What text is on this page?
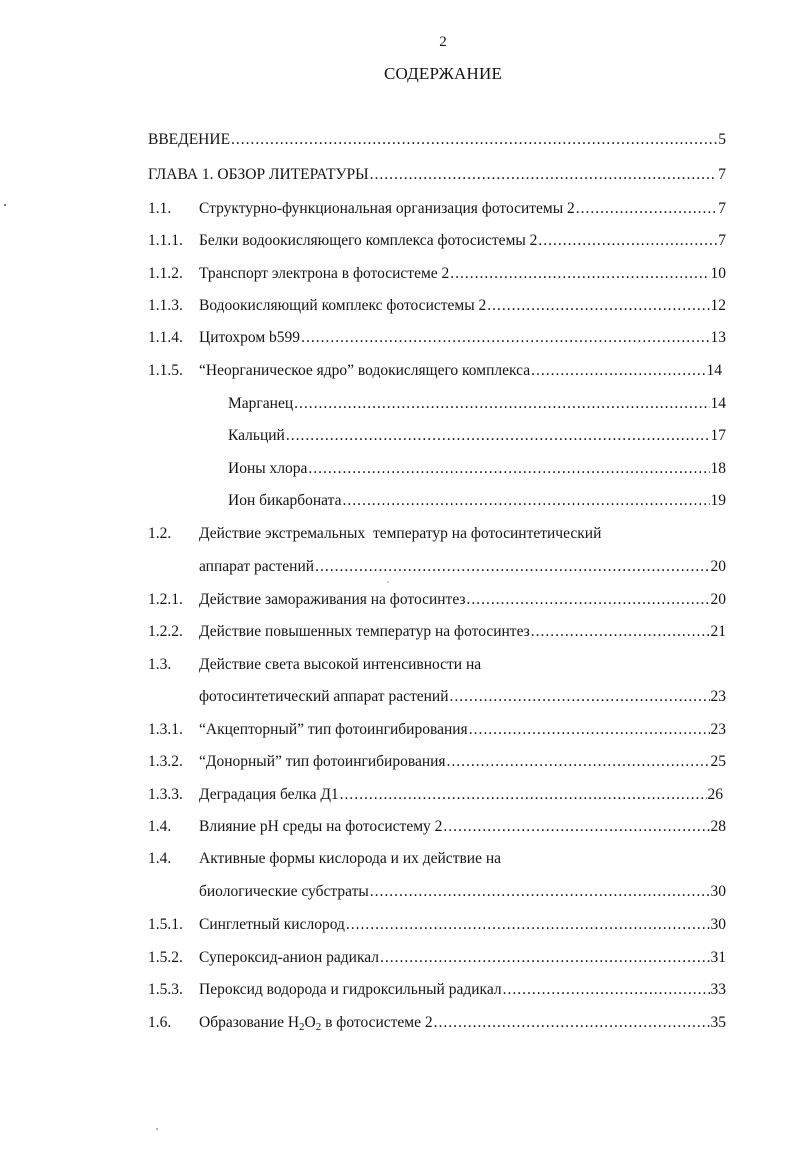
2
СОДЕРЖАНИЕ
ВВЕДЕНИЕ .....	5
ГЛАВА 1. ОБЗОР ЛИТЕРАТУРЫ .....	7
1.1.	Структурно-функциональная организация фотоситемы 2 .....	7
1.1.1.	Белки водоокисляющего комплекса фотосистемы 2 .....	7
1.1.2.	Транспорт электрона в фотосистеме 2 .....	10
1.1.3.	Водоокисляющий комплекс фотосистемы 2 .....	12
1.1.4.	Цитохром b599 .....	13
1.1.5.	“Неорганическое ядро” водокислящего комплекса .....	14
Марганец .....	14
Кальций .....	17
Ионы хлора .....	18
Ион бикарбоната .....	19
1.2.	Действие экстремальных  температур на фотосинтетический
аппарат растений .....	20
1.2.1.	Действие замораживания на фотосинтез .....	20
1.2.2.	Действие повышенных температур на фотосинтез .....	21
1.3.	Действие света высокой интенсивности на
фотосинтетический аппарат растений .....	23
1.3.1.	“Акцепторный” тип фотоингибирования .....	23
1.3.2.	“Донорный” тип фотоингибирования .....	25
1.3.3.	Деградация белка Д1 .....	26
1.4.	Влияние pH среды на фотосистему 2 .....	28
1.4.	Активные формы кислорода и их действие на
биологические субстраты .....	30
1.5.1.	Синглетный кислород .....	30
1.5.2.	Супероксид-анион радикал .....	31
1.5.3.	Пероксид водорода и гидроксильный радикал .....	33
1.6.	Образование $H_2O_2$ в фотосистеме 2 .....	35
